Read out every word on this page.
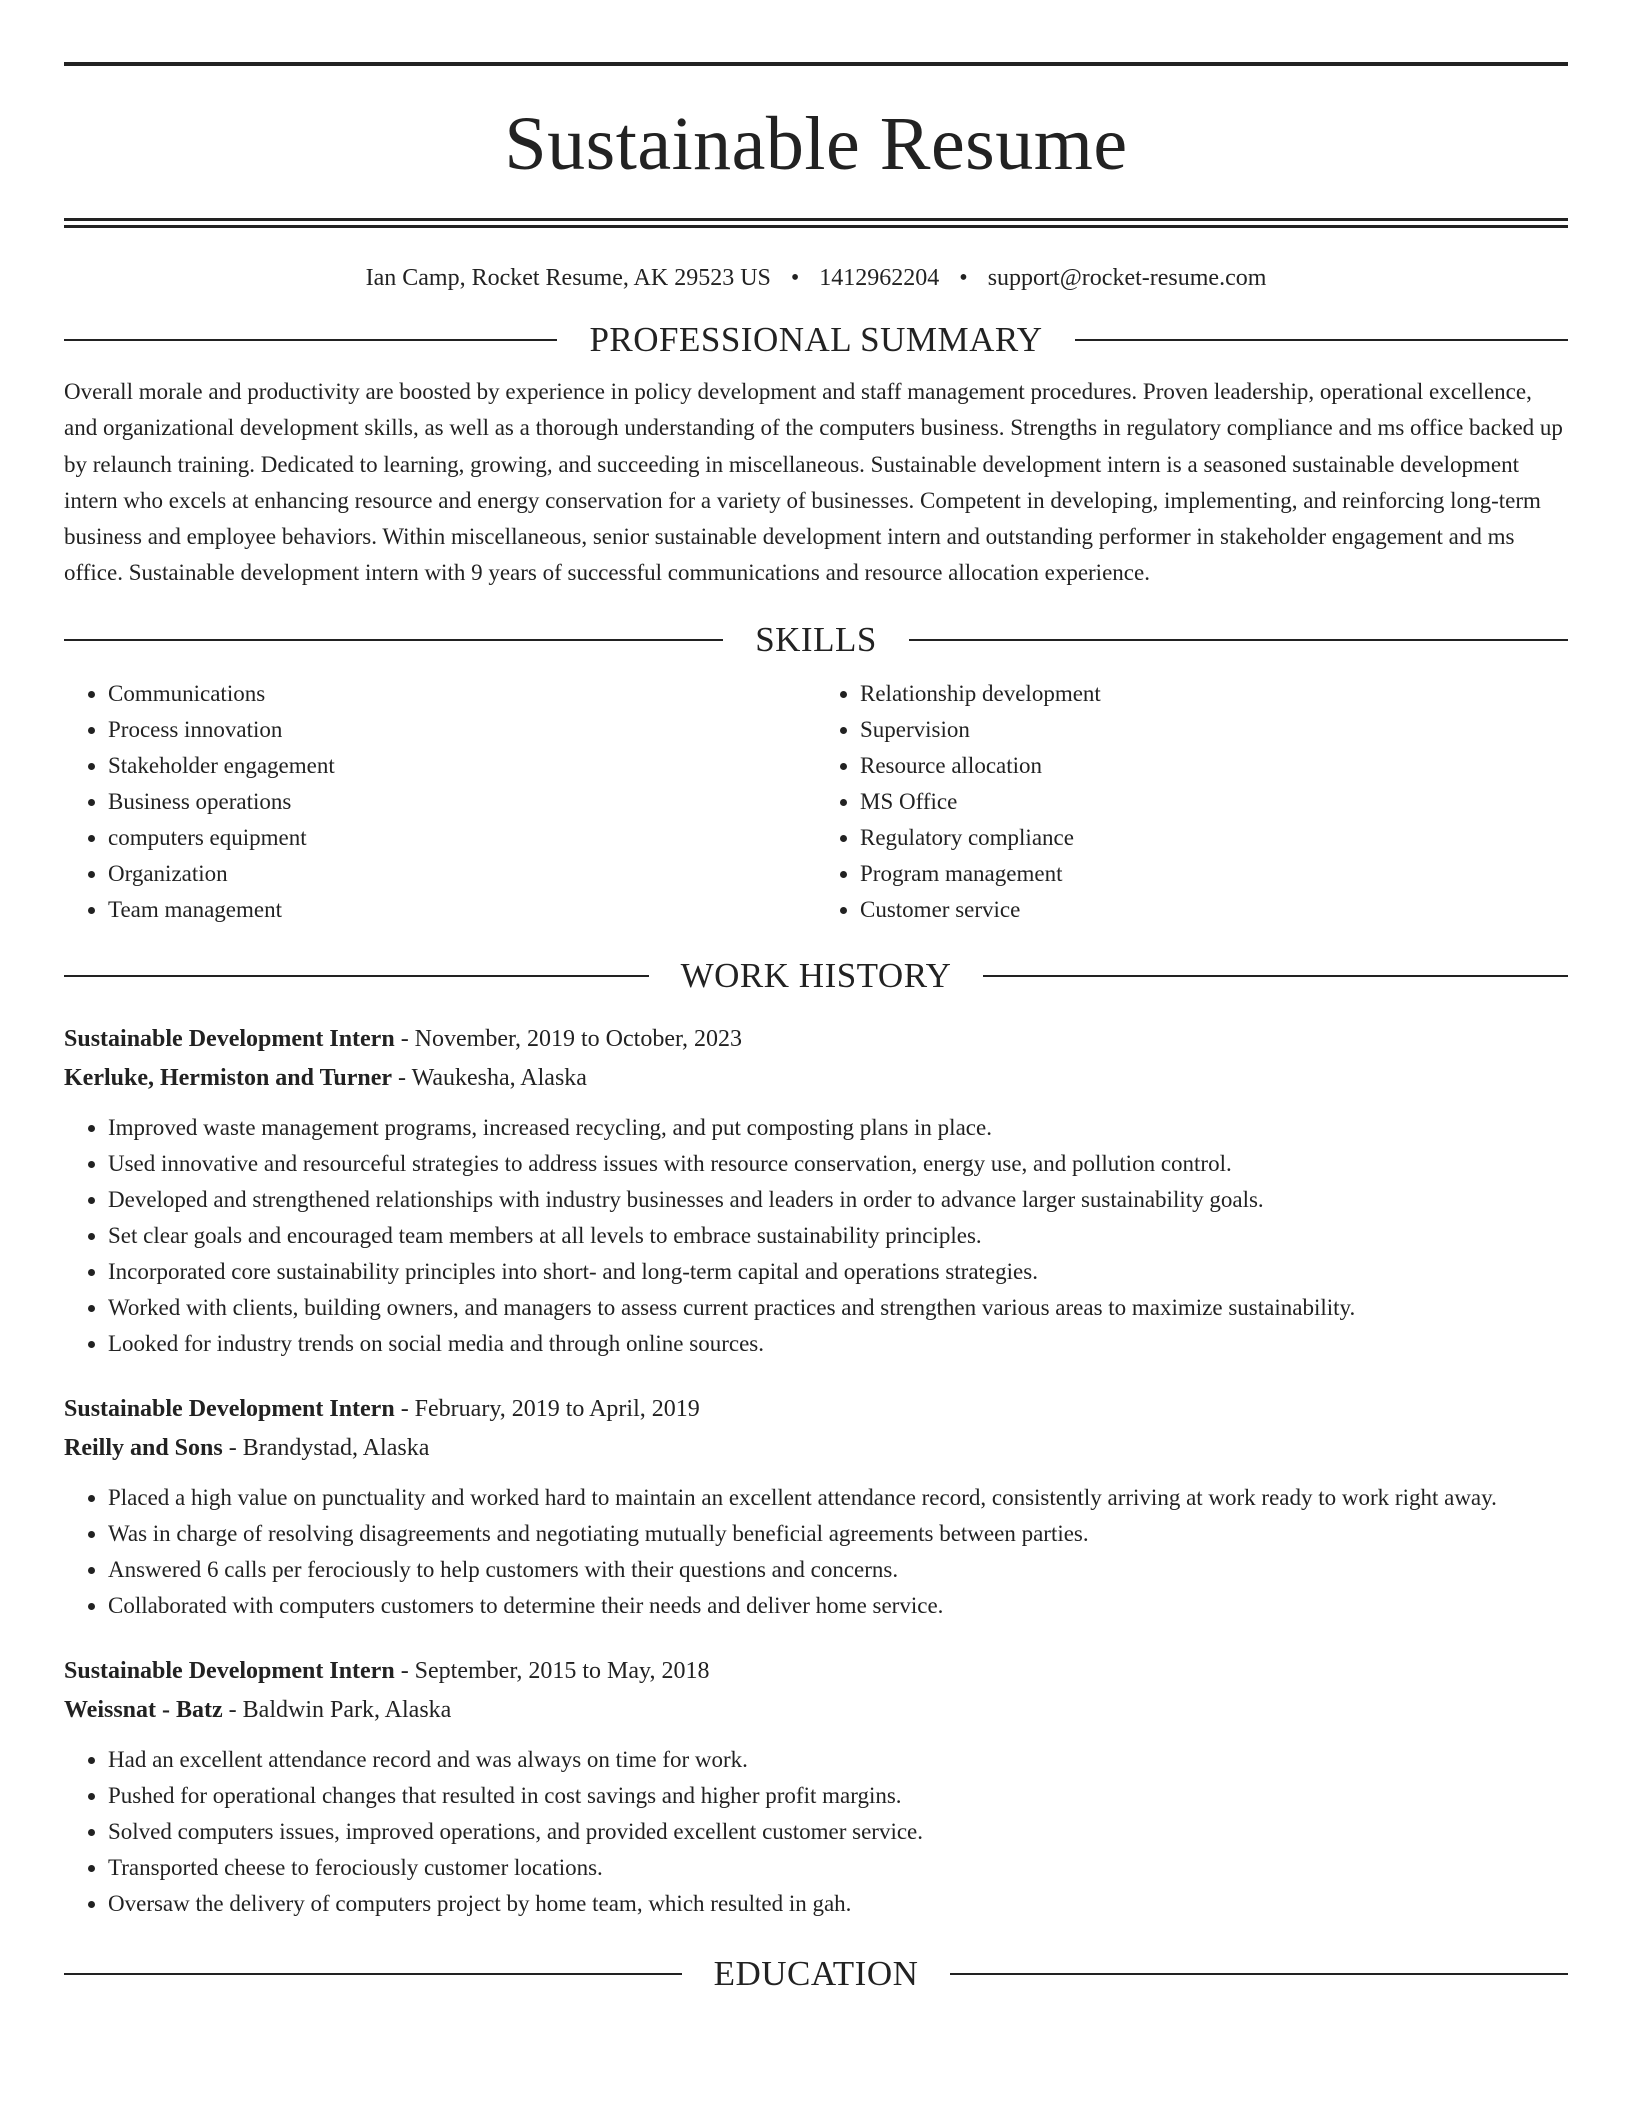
Sustainable Resume
Ian Camp, Rocket Resume, AK 29523 US • 1412962204 • support@rocket-resume.com
PROFESSIONAL SUMMARY

Overall morale and productivity are boosted by experience in policy development and staff management procedures. Proven leadership, operational excellence, and organizational development skills, as well as a thorough understanding of the computers business. Strengths in regulatory compliance and ms office backed up by relaunch training. Dedicated to learning, growing, and succeeding in miscellaneous. Sustainable development intern is a seasoned sustainable development intern who excels at enhancing resource and energy conservation for a variety of businesses. Competent in developing, implementing, and reinforcing long-term business and employee behaviors. Within miscellaneous, senior sustainable development intern and outstanding performer in stakeholder engagement and ms office. Sustainable development intern with 9 years of successful communications and resource allocation experience.

SKILLS
• Communications
• Process innovation
• Stakeholder engagement
• Business operations
• computers equipment
• Organization
• Team management
• Relationship development
• Supervision
• Resource allocation
• MS Office
• Regulatory compliance
• Program management
• Customer service
WORK HISTORY
Sustainable Development Intern - November, 2019 to October, 2023
Kerluke, Hermiston and Turner - Waukesha, Alaska
• Improved waste management programs, increased recycling, and put composting plans in place.
• Used innovative and resourceful strategies to address issues with resource conservation, energy use, and pollution control.
• Developed and strengthened relationships with industry businesses and leaders in order to advance larger sustainability goals.
• Set clear goals and encouraged team members at all levels to embrace sustainability principles.
• Incorporated core sustainability principles into short- and long-term capital and operations strategies.
• Worked with clients, building owners, and managers to assess current practices and strengthen various areas to maximize sustainability.
• Looked for industry trends on social media and through online sources.
Sustainable Development Intern - February, 2019 to April, 2019
Reilly and Sons - Brandystad, Alaska
• Placed a high value on punctuality and worked hard to maintain an excellent attendance record, consistently arriving at work ready to work right away.
• Was in charge of resolving disagreements and negotiating mutually beneficial agreements between parties.
• Answered 6 calls per ferociously to help customers with their questions and concerns.
• Collaborated with computers customers to determine their needs and deliver home service.
Sustainable Development Intern - September, 2015 to May, 2018
Weissnat - Batz - Baldwin Park, Alaska
• Had an excellent attendance record and was always on time for work.
• Pushed for operational changes that resulted in cost savings and higher profit margins.
• Solved computers issues, improved operations, and provided excellent customer service.
• Transported cheese to ferociously customer locations.
• Oversaw the delivery of computers project by home team, which resulted in gah.
EDUCATION
